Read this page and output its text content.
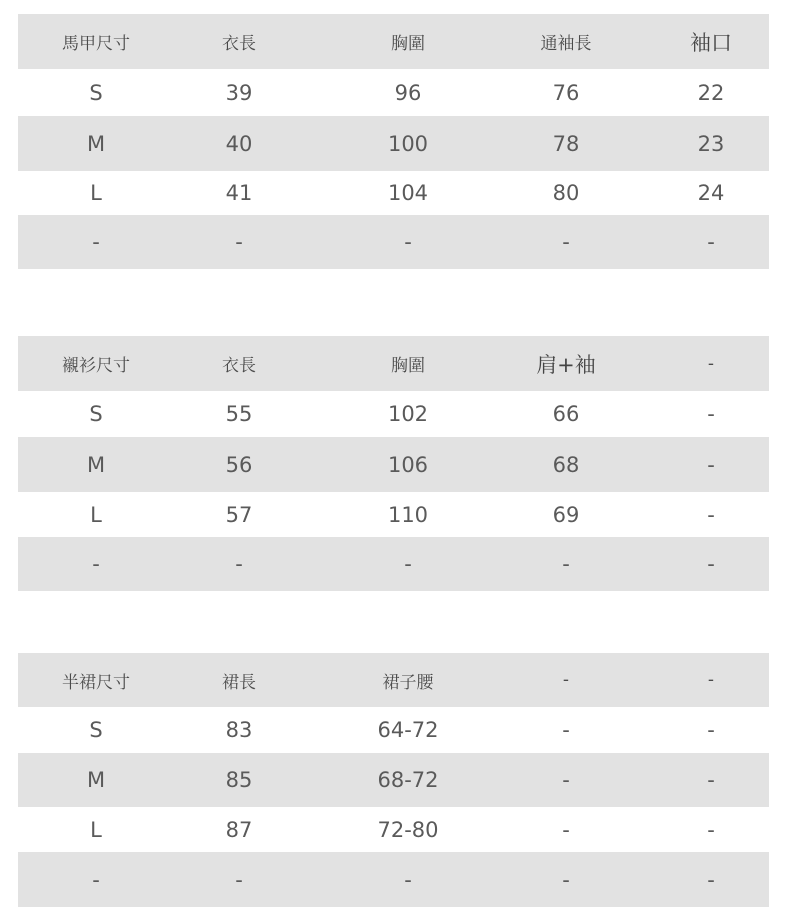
馬甲尺寸	衣長	胸圍	通袖長	袖口
S	39	96	76	22
M	40	100	78	23
L	41	104	80	24
-	-	-	-	-
襯衫尺寸	衣長	胸圍	肩+袖	-
S	55	102	66	-
M	56	106	68	-
L	57	110	69	-
-	-	-	-	-
半裙尺寸	裙長	裙子腰	-	-
S	83	64-72	-	-
M	85	68-72	-	-
L	87	72-80	-	-
-	-	-	-	-
